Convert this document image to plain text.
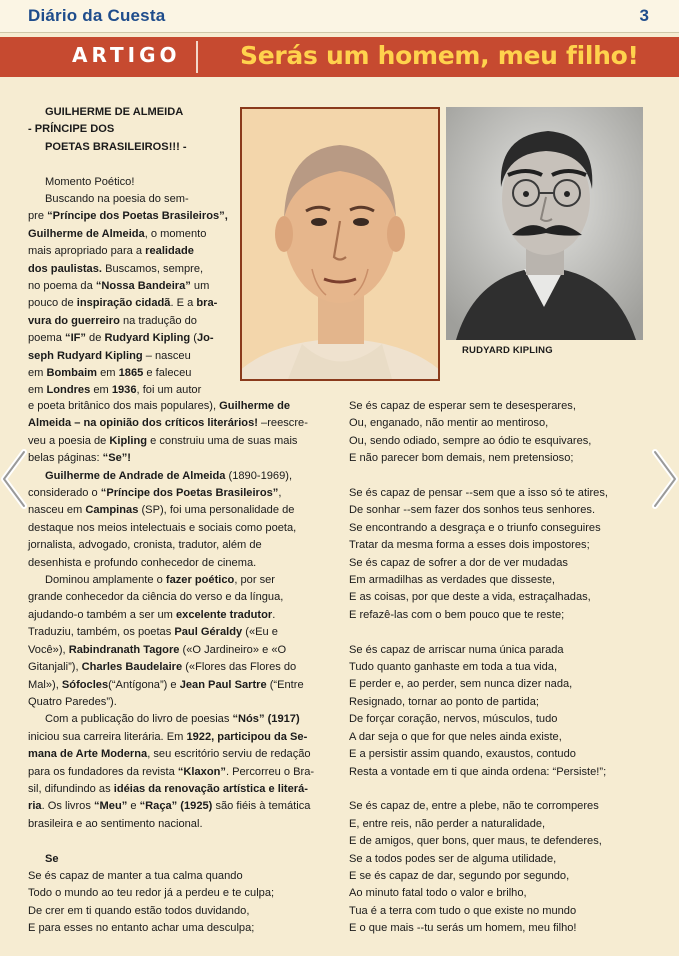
Diário da Cuesta	3
ARTIGO Serás um homem, meu filho!

GUILHERME DE ALMEIDA

- PRÍNCIPE DOS

POETAS BRASILEIROS!!! -

Momento Poético!

Buscando na poesia do sem-

pre “Príncipe dos Poetas Brasileiros”,

Guilherme de Almeida, o momento

mais apropriado para a realidade

dos paulistas. Buscamos, sempre,

no poema da “Nossa Bandeira” um

pouco de inspiração cidadã. E a bra-

vura do guerreiro na tradução do

poema “IF” de Rudyard Kipling (Jo-

seph Rudyard Kipling – nasceu

em Bombaim em 1865 e faleceu

em Londres em 1936, foi um autor

RUDYARD KIPLING

e poeta britânico dos mais populares), Guilherme de

Almeida – na opinião dos críticos literários! –reescre-

veu a poesia de Kipling e construiu uma de suas mais

belas páginas: “Se”!

Guilherme de Andrade de Almeida (1890-1969),

considerado o “Príncipe dos Poetas Brasileiros”,

nasceu em Campinas (SP), foi uma personalidade de

destaque nos meios intelectuais e sociais como poeta,

jornalista, advogado, cronista, tradutor, além de

desenhista e profundo conhecedor de cinema.

Dominou amplamente o fazer poético, por ser

grande conhecedor da ciência do verso e da língua,

ajudando-o também a ser um excelente tradutor.

Traduziu, também, os poetas Paul Géraldy («Eu e

Você»), Rabindranath Tagore («O Jardineiro» e «O

Gitanjali”), Charles Baudelaire («Flores das Flores do

Mal»), Sófocles(“Antígona”) e Jean Paul Sartre (“Entre

Quatro Paredes”).

Com a publicação do livro de poesias “Nós” (1917)

iniciou sua carreira literária. Em 1922, participou da Se-

mana de Arte Moderna, seu escritório serviu de redação

para os fundadores da revista “Klaxon”. Percorreu o Bra-

sil, difundindo as idéias da renovação artística e literá-

ria. Os livros “Meu” e “Raça” (1925) são fiéis à temática

brasileira e ao sentimento nacional.

Se

Se és capaz de manter a tua calma quando

Todo o mundo ao teu redor já a perdeu e te culpa;

De crer em ti quando estão todos duvidando,

E para esses no entanto achar uma desculpa;

Se és capaz de esperar sem te desesperares,

Ou, enganado, não mentir ao mentiroso,

Ou, sendo odiado, sempre ao ódio te esquivares,

E não parecer bom demais, nem pretensioso;

Se és capaz de pensar --sem que a isso só te atires,

De sonhar --sem fazer dos sonhos teus senhores.

Se encontrando a desgraça e o triunfo conseguires

Tratar da mesma forma a esses dois impostores;

Se és capaz de sofrer a dor de ver mudadas

Em armadilhas as verdades que disseste,

E as coisas, por que deste a vida, estraçalhadas,

E refazê-las com o bem pouco que te reste;

Se és capaz de arriscar numa única parada

Tudo quanto ganhaste em toda a tua vida,

E perder e, ao perder, sem nunca dizer nada,

Resignado, tornar ao ponto de partida;

De forçar coração, nervos, músculos, tudo

A dar seja o que for que neles ainda existe,

E a persistir assim quando, exaustos, contudo

Resta a vontade em ti que ainda ordena: “Persiste!”;

Se és capaz de, entre a plebe, não te corromperes

E, entre reis, não perder a naturalidade,

E de amigos, quer bons, quer maus, te defenderes,

Se a todos podes ser de alguma utilidade,

E se és capaz de dar, segundo por segundo,

Ao minuto fatal todo o valor e brilho,

Tua é a terra com tudo o que existe no mundo

E o que mais --tu serás um homem, meu filho!
